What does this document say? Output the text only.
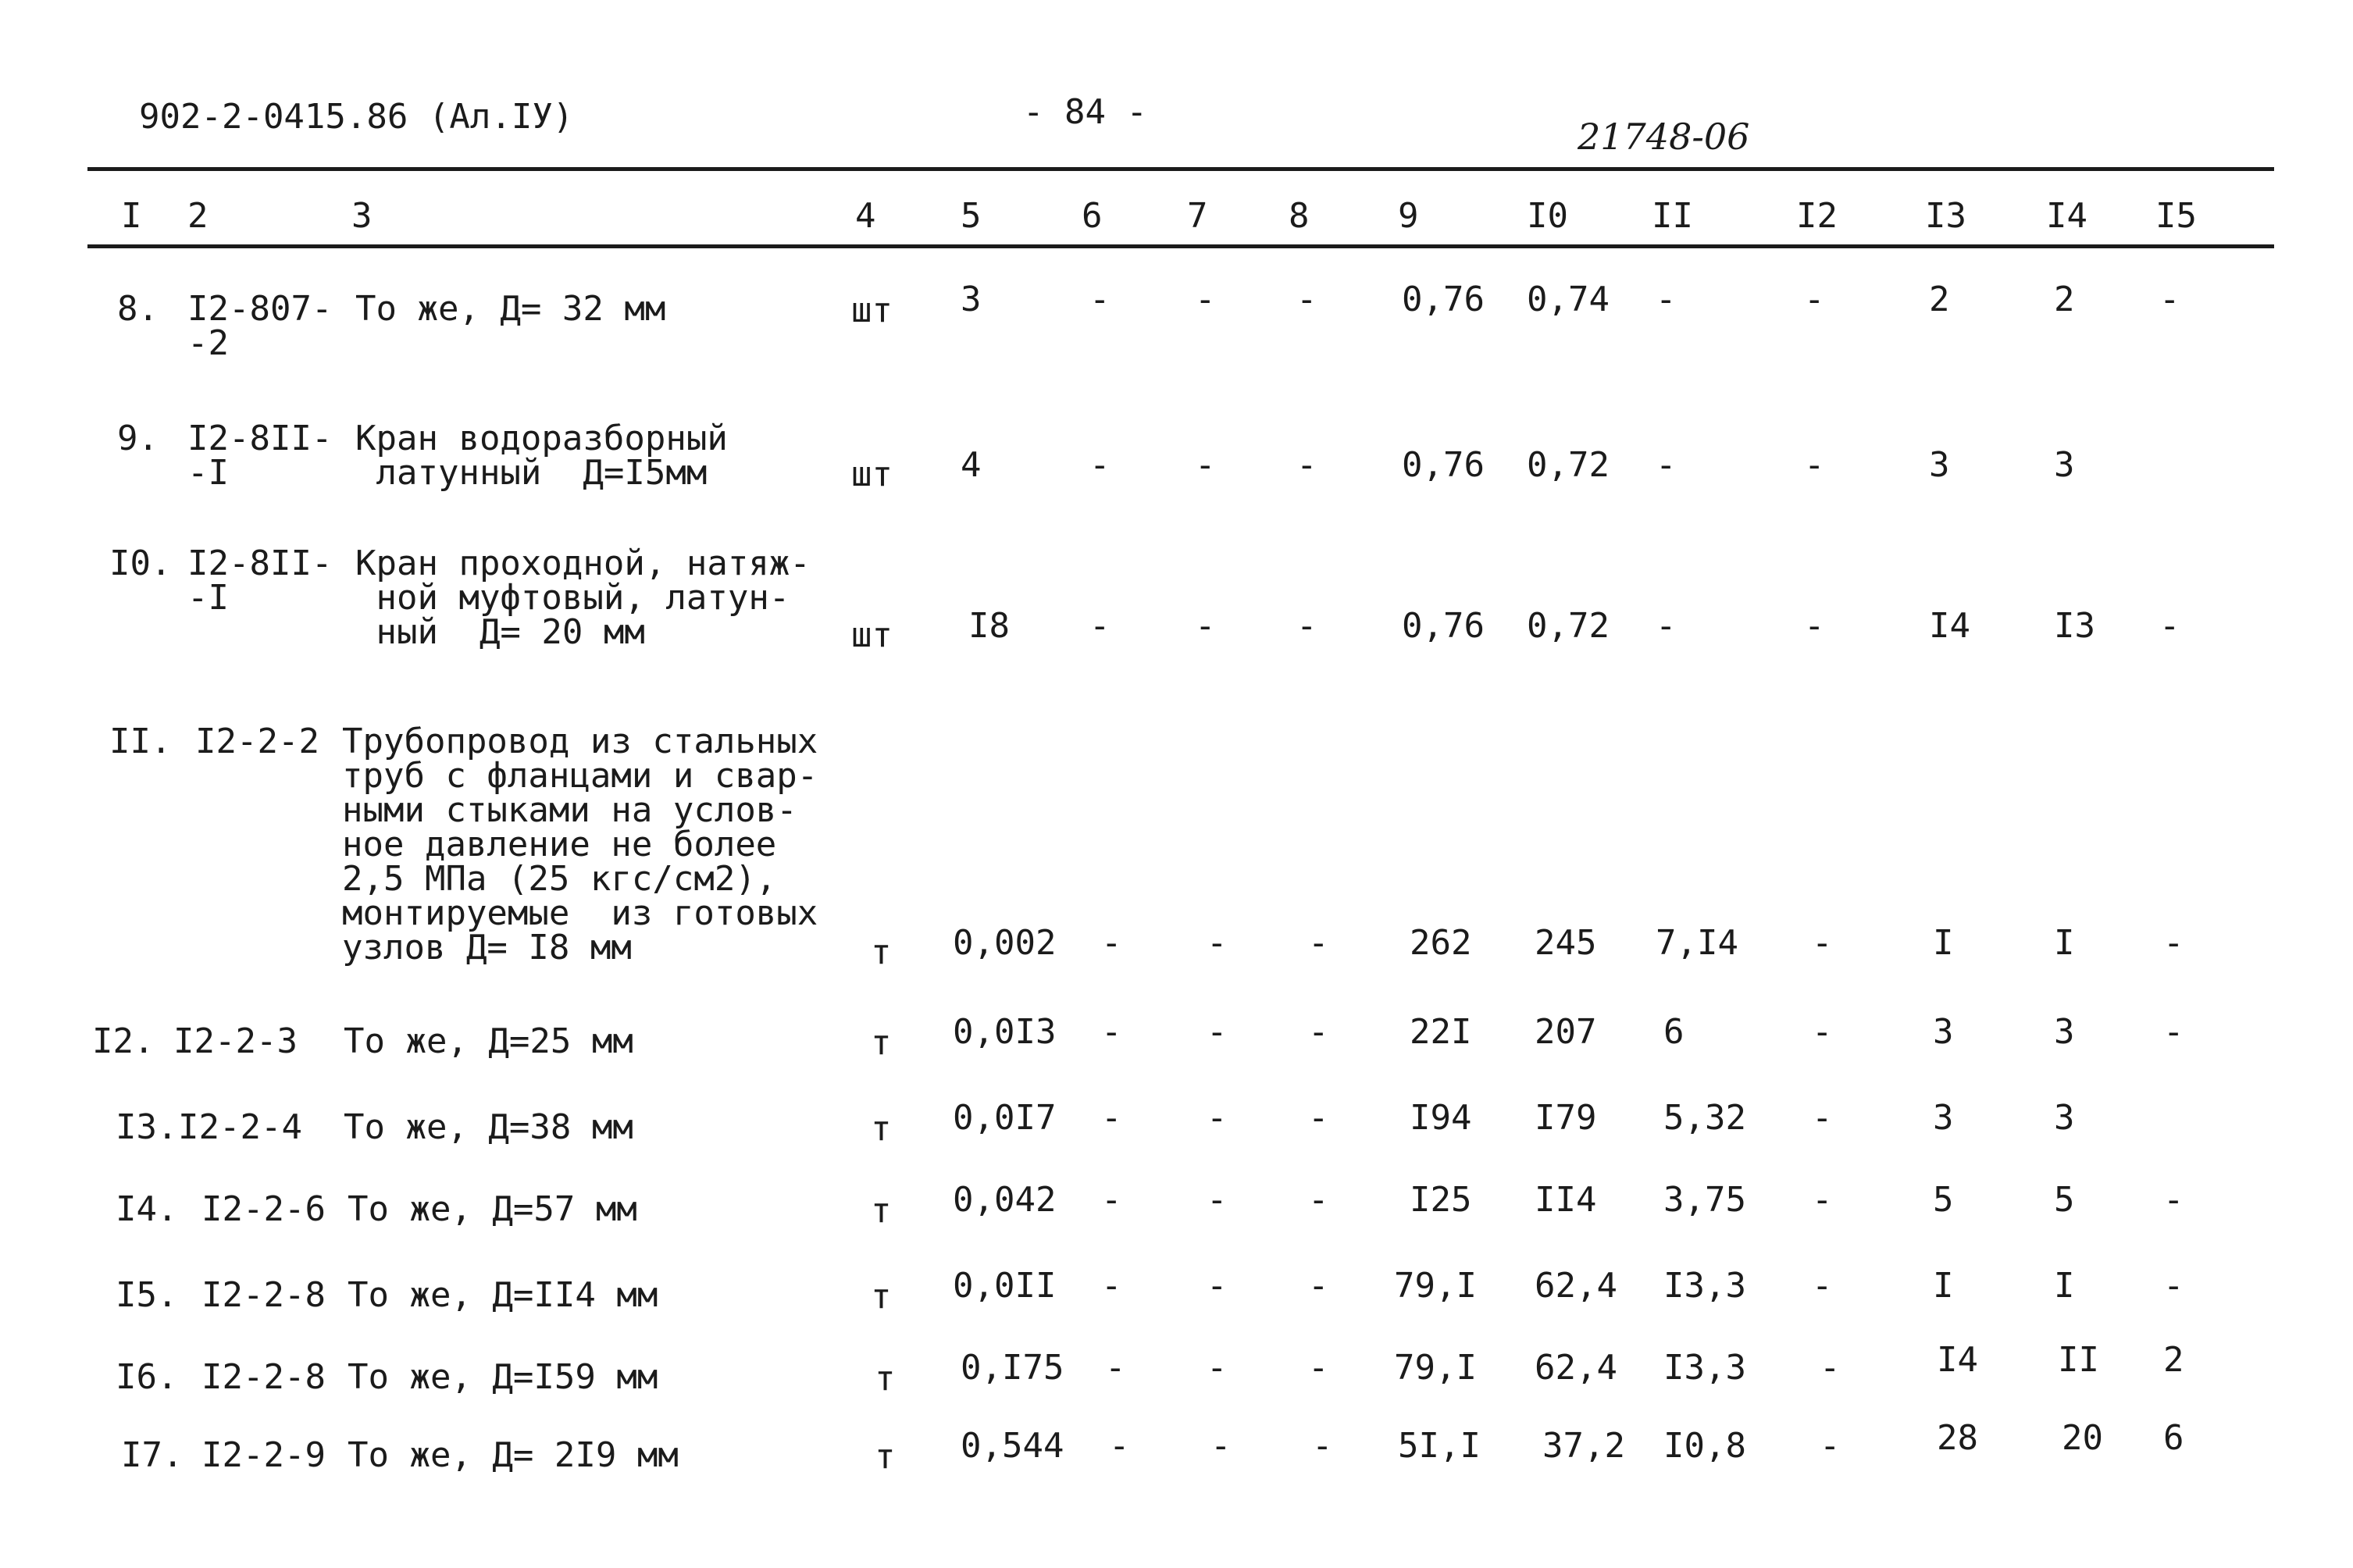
902-2-0415.86 (Ал.IУ)	- 84 -
21748-06
I 2	3	4 5	6 7 8	9	I0 II	I2	I3 I4 I5
8. I2-807-
-2
То же, Д= 32 мм	шт 3	- - - 0,76 0,74 -	-	2	2 -
9. I2-8II-
-I
Кран водоразборный
латунный  Д=I5мм	шт 4	- - - 0,76 0,72 -	-	3	3
I0. I2-8II-
-I
Кран проходной, натяж-
ной муфтовый, латун-
ный  Д= 20 мм	шт I8 - - - 0,76 0,72 -	-	I4 I3 -
II. I2-2-2 Трубопровод из стальных
труб с фланцами и свар-
ными стыками на услов-
ное давление не более
2,5 МПа (25 кгс/см2),
монтируемые  из готовых
узлов Д= I8 мм	т 0,002 - - - 262 245 7,I4 -	I	I	-
I2. I2-2-3 То же, Д=25 мм	т 0,0I3 - - - 22I 207 6	-	3	3	-
I3. I2-2-4 То же, Д=38 мм	т 0,0I7 - - - I94 I79 5,32 -	3	3
I4. I2-2-6 То же, Д=57 мм	т 0,042 - - - I25 II4 3,75 -	5	5	-
I5. I2-2-8 То же, Д=II4 мм	т 0,0II - - - 79,I 62,4 I3,3 -	I	I	-
I6. I2-2-8 То же, Д=I59 мм	т 0,I75 - - - 79,I 62,4 I3,3 -	I4 II 2
I7. I2-2-9 То же, Д= 2I9 мм	т 0,544 - - - 5I,I 37,2 I0,8 -	28 20 6
